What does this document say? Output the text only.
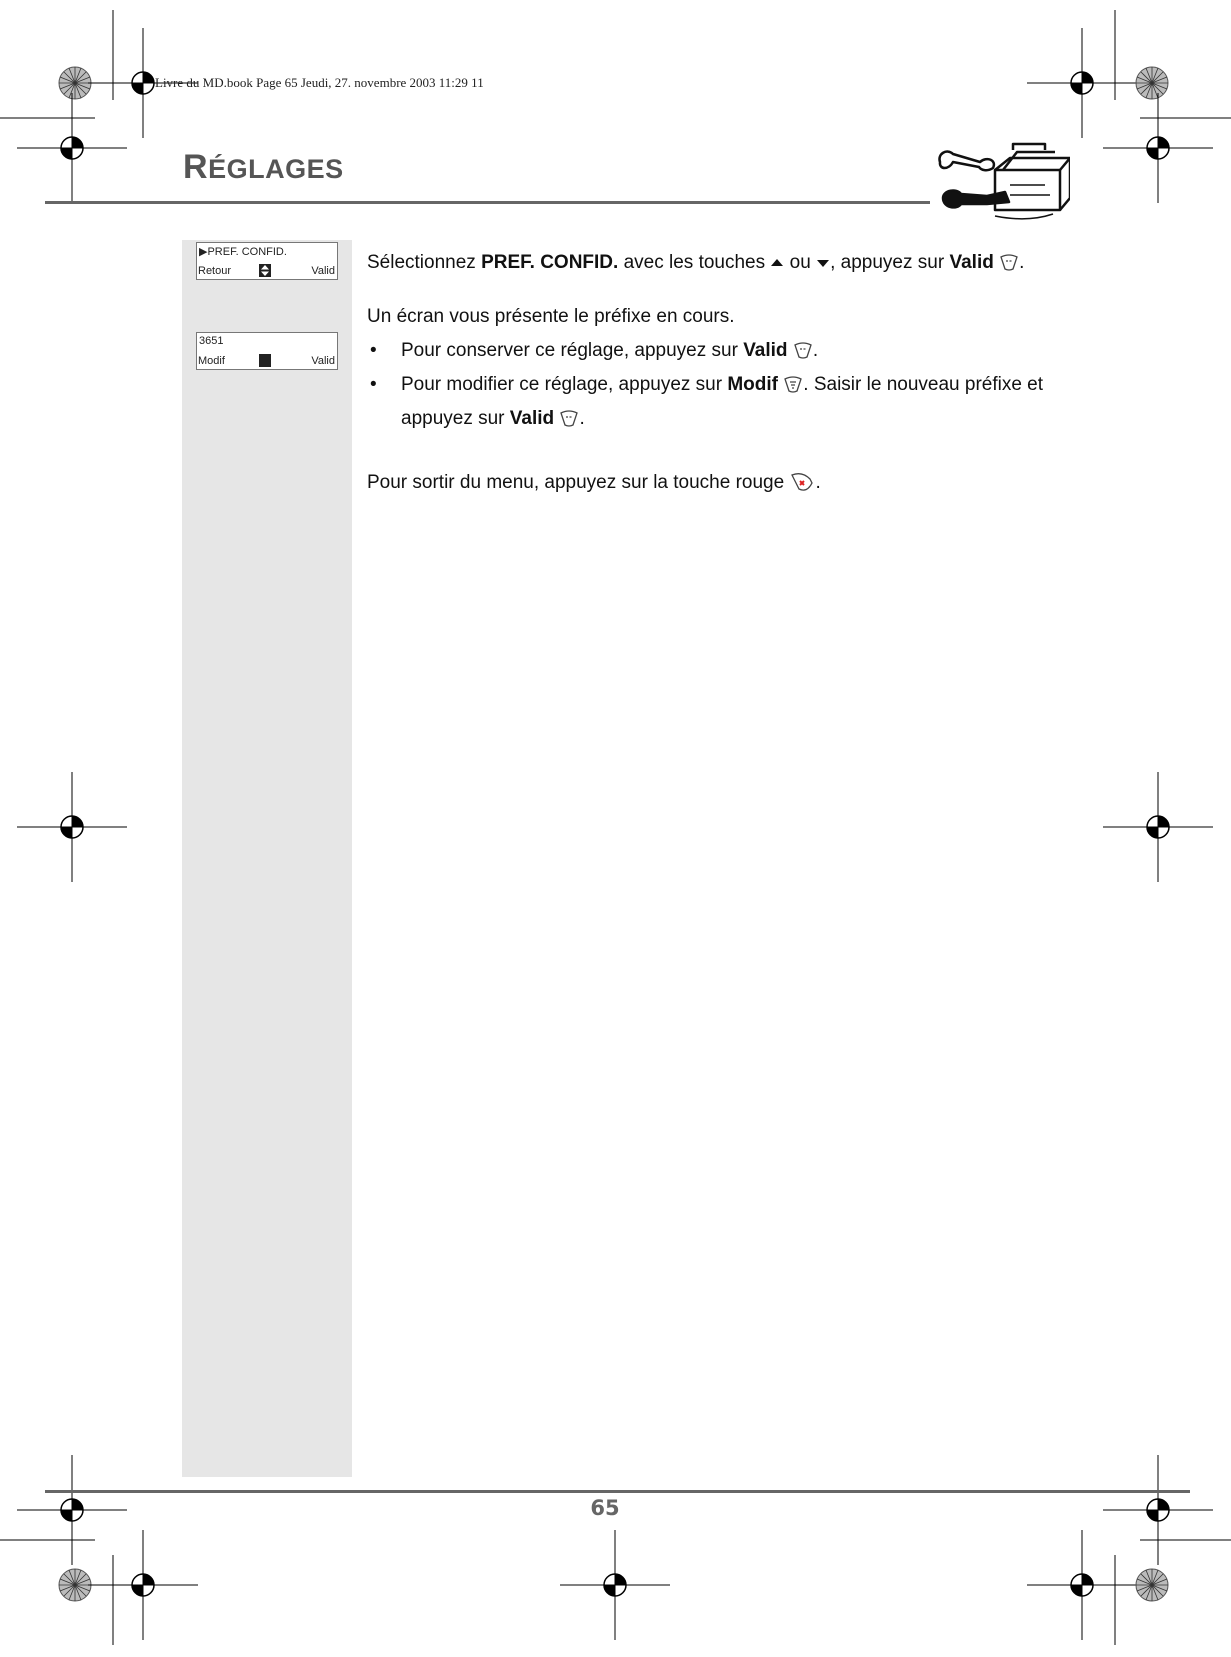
Livre du MD.book Page 65 Jeudi, 27. novembre 2003 11:29 11
RÉGLAGES
▶PREF. CONFID.
Retour	Valid
3651
Modif	Valid

Sélectionnez PREF. CONFID. avec les touches  ou , appuyez sur Valid .

Un écran vous présente le préfixe en cours.

• Pour conserver ce réglage, appuyez sur Valid .

• Pour modifier ce réglage, appuyez sur Modif . Saisir le nouveau préfixe et appuyez sur Valid .

Pour sortir du menu, appuyez sur la touche rouge .

65
